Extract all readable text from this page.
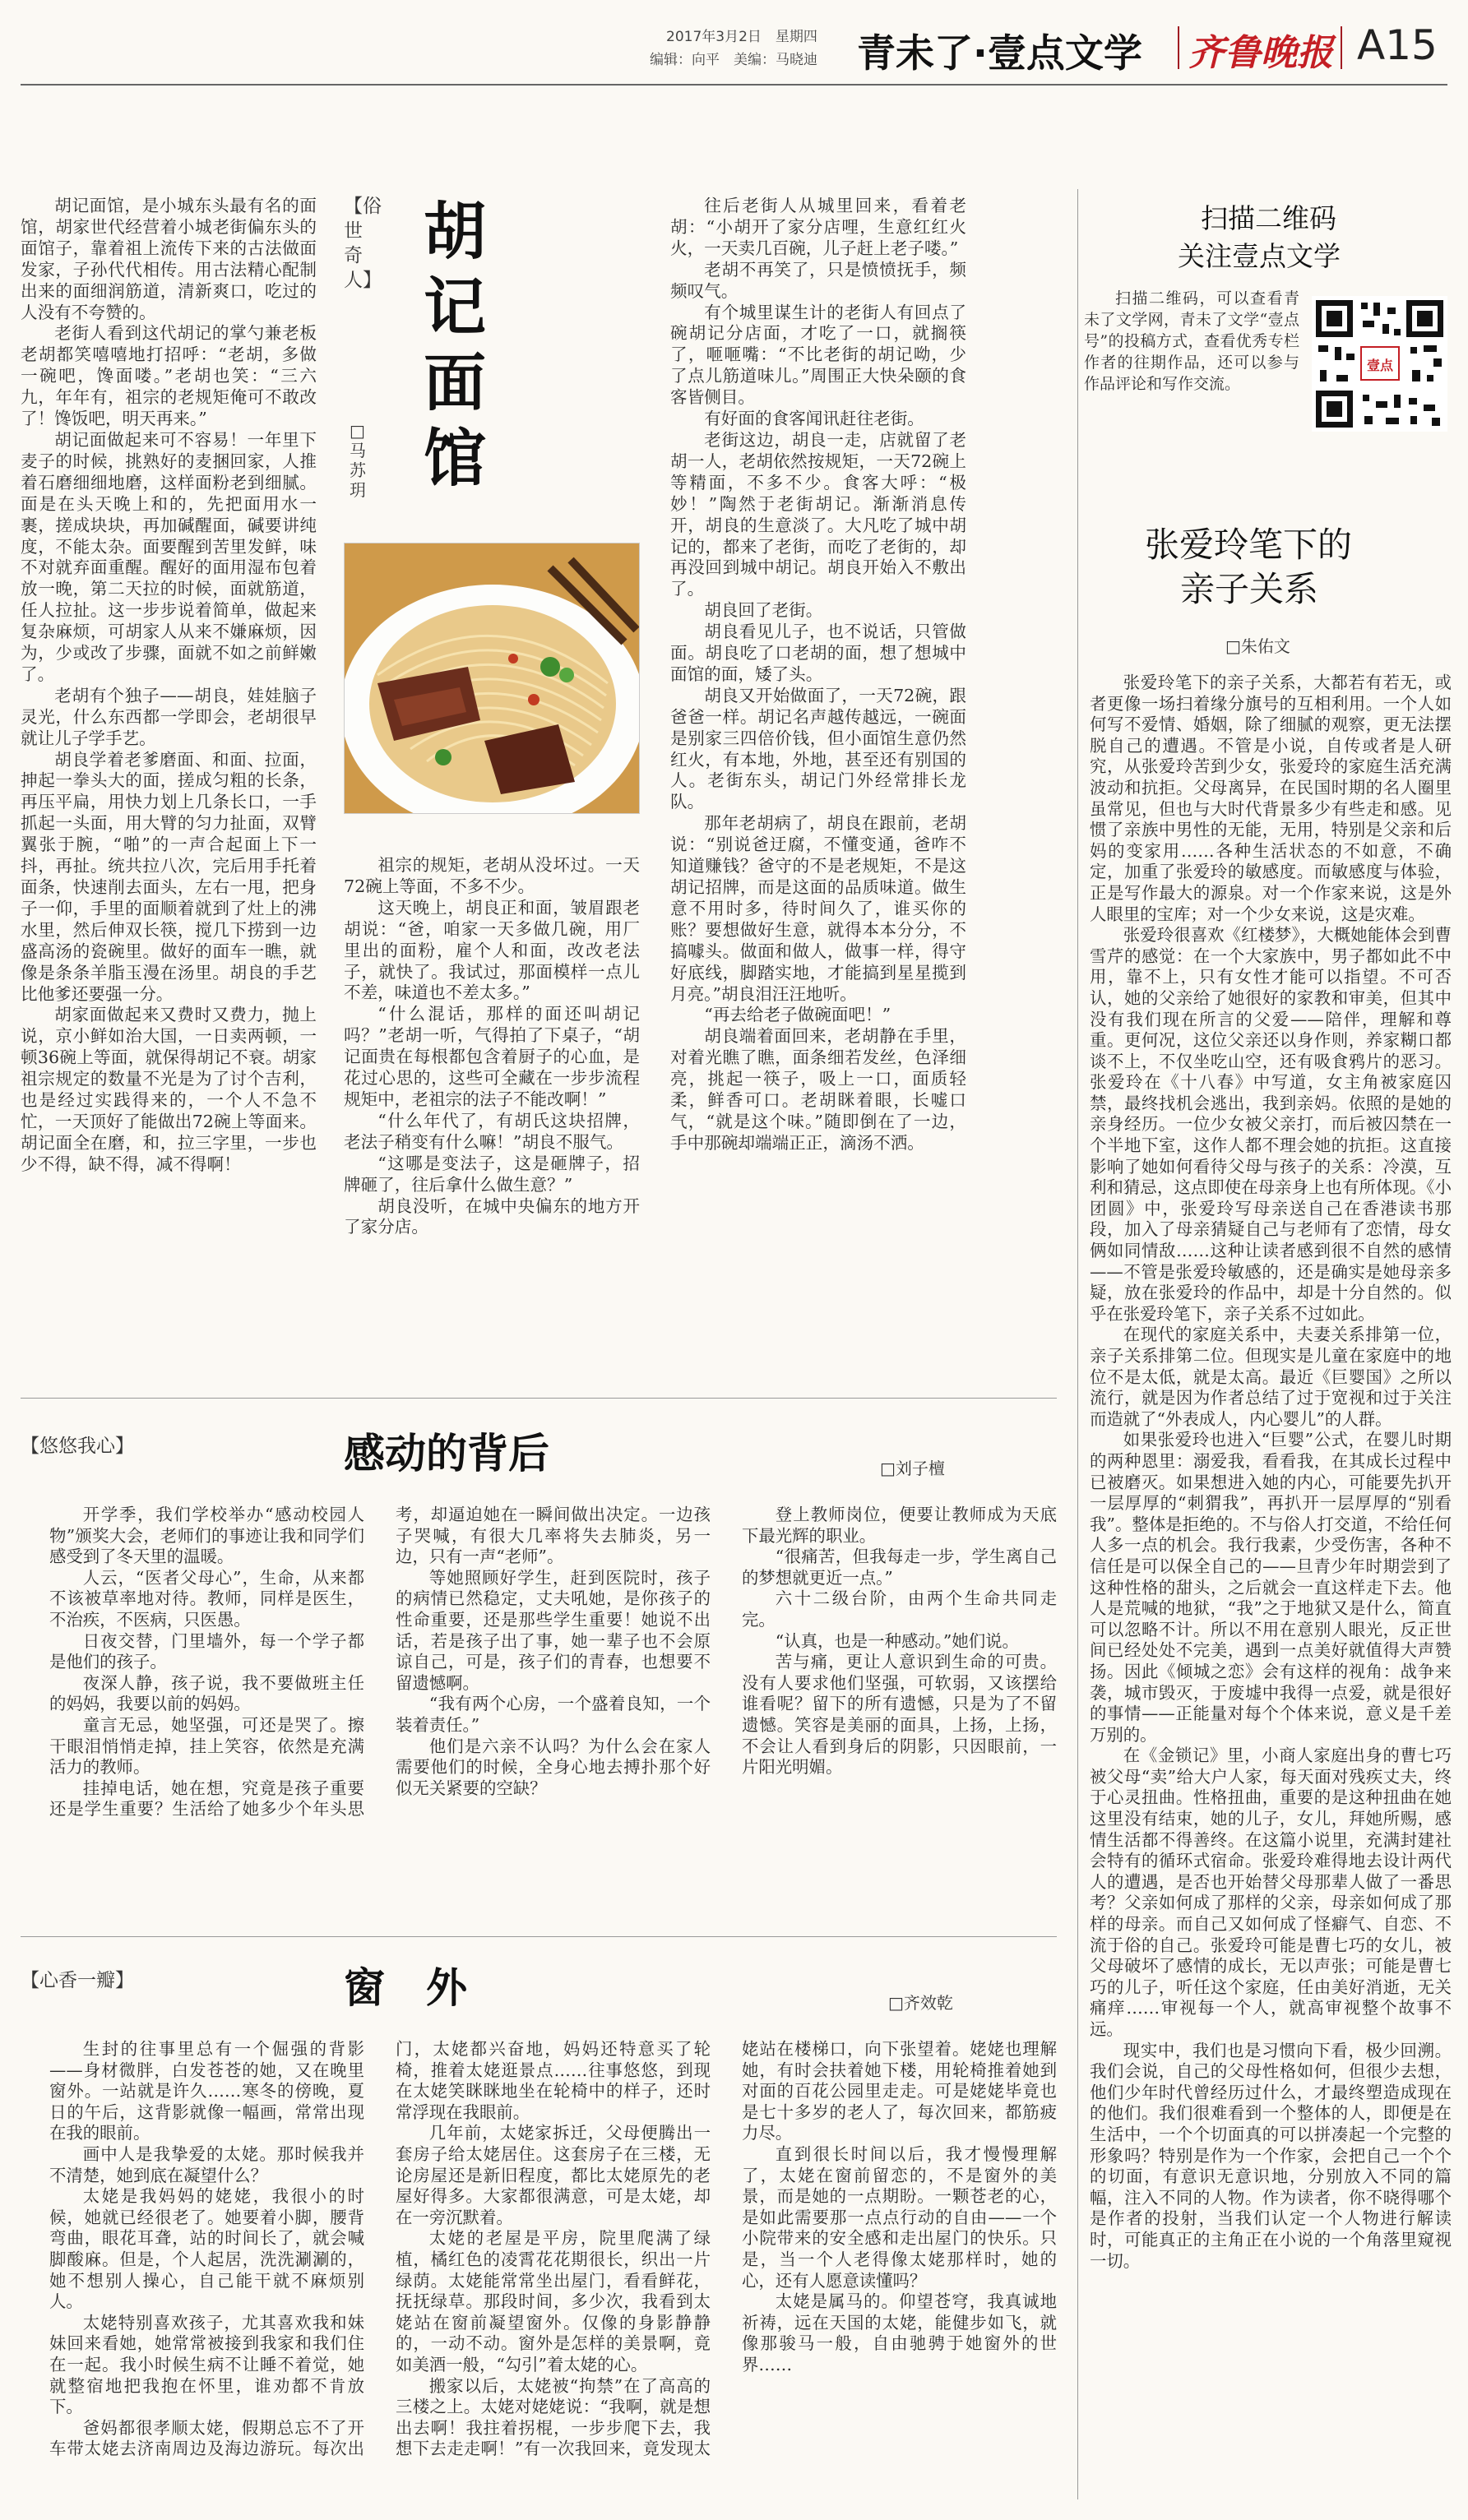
2017年3月2日　星期四
编辑：向平　美编：马晓迪 青未了·壹点文学 齐鲁晚报 A15
【俗世奇人】
胡记面馆
□马苏玥

胡记面馆，是小城东头最有名的面馆，胡家世代经营着小城老街偏东头的面馆子，靠着祖上流传下来的古法做面发家，子孙代代相传。用古法精心配制出来的面细润筋道，清新爽口，吃过的人没有不夸赞的。

老街人看到这代胡记的掌勺兼老板老胡都笑嘻嘻地打招呼：“老胡，多做一碗吧，馋面喽。”老胡也笑：“三六九，年年有，祖宗的老规矩俺可不敢改了！馋饭吧，明天再来。”

胡记面做起来可不容易！一年里下麦子的时候，挑熟好的麦捆回家，人推着石磨细细地磨，这样面粉老到细腻。面是在头天晚上和的，先把面用水一裹，搓成块块，再加碱醒面，碱要讲纯度，不能太杂。面要醒到苦里发鲜，味不对就弃面重醒。醒好的面用湿布包着放一晚，第二天拉的时候，面就筋道，任人拉扯。这一步步说着简单，做起来复杂麻烦，可胡家人从来不嫌麻烦，因为，少或改了步骤，面就不如之前鲜嫩了。

老胡有个独子——胡良，娃娃脑子灵光，什么东西都一学即会，老胡很早就让儿子学手艺。

胡良学着老爹磨面、和面、拉面，抻起一拳头大的面，搓成匀粗的长条，再压平扁，用快力划上几条长口，一手抓起一头面，用大臂的匀力扯面，双臂翼张于腕，“啪”的一声合起面上下一抖，再扯。统共拉八次，完后用手托着面条，快速削去面头，左右一甩，把身子一仰，手里的面顺着就到了灶上的沸水里，然后伸双长筷，搅几下捞到一边盛高汤的瓷碗里。做好的面车一瞧，就像是条条羊脂玉漫在汤里。胡良的手艺比他爹还要强一分。

胡家面做起来又费时又费力，抛上说，京小鲜如治大国，一日卖两顿，一顿36碗上等面，就保得胡记不衰。胡家祖宗规定的数量不光是为了讨个吉利，也是经过实践得来的，一个人不急不忙，一天顶好了能做出72碗上等面来。胡记面全在磨，和，拉三字里，一步也少不得，缺不得，减不得啊！

祖宗的规矩，老胡从没坏过。一天72碗上等面，不多不少。

这天晚上，胡良正和面，皱眉跟老胡说：“爸，咱家一天多做几碗，用厂里出的面粉，雇个人和面，改改老法子，就快了。我试过，那面模样一点儿不差，味道也不差太多。”

“什么混话，那样的面还叫胡记吗？”老胡一听，气得拍了下桌子，“胡记面贵在每根都包含着厨子的心血，是花过心思的，这些可全藏在一步步流程规矩中，老祖宗的法子不能改啊！”

“什么年代了，有胡氏这块招牌，老法子稍变有什么嘛！”胡良不服气。

“这哪是变法子，这是砸牌子，招牌砸了，往后拿什么做生意？”

胡良没听，在城中央偏东的地方开了家分店。

往后老街人从城里回来，看着老胡：“小胡开了家分店哩，生意红红火火，一天卖几百碗，儿子赶上老子喽。”

老胡不再笑了，只是愤愤抚手，频频叹气。

有个城里谋生计的老街人有回点了碗胡记分店面，才吃了一口，就搁筷了，咂咂嘴：“不比老街的胡记呦，少了点儿筋道味儿。”周围正大快朵颐的食客皆侧目。

有好面的食客闻讯赶往老街。

老街这边，胡良一走，店就留了老胡一人，老胡依然按规矩，一天72碗上等精面，不多不少。食客大呼：“极妙！”陶然于老街胡记。渐渐消息传开，胡良的生意淡了。大凡吃了城中胡记的，都来了老街，而吃了老街的，却再没回到城中胡记。胡良开始入不敷出了。

胡良回了老街。

胡良看见儿子，也不说话，只管做面。胡良吃了口老胡的面，想了想城中面馆的面，矮了头。

胡良又开始做面了，一天72碗，跟爸爸一样。胡记名声越传越远，一碗面是别家三四倍价钱，但小面馆生意仍然红火，有本地，外地，甚至还有别国的人。老街东头，胡记门外经常排长龙队。

那年老胡病了，胡良在跟前，老胡说：“别说爸迂腐，不懂变通，爸咋不知道赚钱？爸守的不是老规矩，不是这胡记招牌，而是这面的品质味道。做生意不用时多，待时间久了，谁买你的账？要想做好生意，就得本本分分，不搞噱头。做面和做人，做事一样，得守好底线，脚踏实地，才能搞到星星揽到月亮。”胡良泪汪汪地听。

“再去给老子做碗面吧！”

胡良端着面回来，老胡静在手里，对着光瞧了瞧，面条细若发丝，色泽细亮，挑起一筷子，吸上一口，面质轻柔，鲜香可口。老胡眯着眼，长嘘口气，“就是这个味。”随即倒在了一边，手中那碗却端端正正，滴汤不洒。

扫描二维码
关注壹点文学

扫描二维码，可以查看青未了文学网，青未了文学“壹点号”的投稿方式，查看优秀专栏作者的往期作品，还可以参与作品评论和写作交流。

壹点
张爱玲笔下的
亲子关系
□朱佑文

张爱玲笔下的亲子关系，大都若有若无，或者更像一场扫着缘分旗号的互相利用。一个人如何写不爱情、婚姻，除了细腻的观察，更无法摆脱自己的遭遇。不管是小说，自传或者是人研究，从张爱玲苦到少女，张爱玲的家庭生活充满波动和抗拒。父母离异，在民国时期的名人圈里虽常见，但也与大时代背景多少有些走和感。见惯了亲族中男性的无能，无用，特别是父亲和后妈的变家用……各种生活状态的不如意，不确定，加重了张爱玲的敏感度。而敏感度与体验，正是写作最大的源泉。对一个作家来说，这是外人眼里的宝库；对一个少女来说，这是灾难。

张爱玲很喜欢《红楼梦》，大概她能体会到曹雪芹的感觉：在一个大家族中，男子都如此不中用，靠不上，只有女性才能可以指望。不可否认，她的父亲给了她很好的家教和审美，但其中没有我们现在所言的父爱——陪伴，理解和尊重。更何况，这位父亲还以身作则，养家糊口都谈不上，不仅坐吃山空，还有吸食鸦片的恶习。张爱玲在《十八春》中写道，女主角被家庭囚禁，最终找机会逃出，我到亲妈。依照的是她的亲身经历。一位少女被父亲打，而后被囚禁在一个半地下室，这作人都不理会她的抗拒。这直接影响了她如何看待父母与孩子的关系：冷漠，互利和猜忌，这点即使在母亲身上也有所体现。《小团圆》中，张爱玲写母亲送自己在香港读书那段，加入了母亲猜疑自己与老师有了恋情，母女俩如同情敌……这种让读者感到很不自然的感情——不管是张爱玲敏感的，还是确实是她母亲多疑，放在张爱玲的作品中，却是十分自然的。似乎在张爱玲笔下，亲子关系不过如此。

在现代的家庭关系中，夫妻关系排第一位，亲子关系排第二位。但现实是儿童在家庭中的地位不是太低，就是太高。最近《巨婴国》之所以流行，就是因为作者总结了过于宽视和过于关注而造就了“外表成人，内心婴儿”的人群。

如果张爱玲也进入“巨婴”公式，在婴儿时期的两种恩里：溺爱我，看看我，在其成长过程中已被磨灭。如果想进入她的内心，可能要先扒开一层厚厚的“刺猬我”，再扒开一层厚厚的“别看我”。整体是拒绝的。不与俗人打交道，不给任何人多一点的机会。我行我素，少受伤害，各种不信任是可以保全自己的——旦青少年时期尝到了这种性格的甜头，之后就会一直这样走下去。他人是荒喊的地狱，“我”之于地狱又是什么，简直可以忽略不计。所以不用在意别人眼光，反正世间已经处处不完美，遇到一点美好就值得大声赞扬。因此《倾城之恋》会有这样的视角：战争来袭，城市毁灭，于废墟中我得一点爱，就是很好的事情——正能量对每个个体来说，意义是千差万别的。

在《金锁记》里，小商人家庭出身的曹七巧被父母“卖”给大户人家，每天面对残疾丈夫，终于心灵扭曲。性格扭曲，重要的是这种扭曲在她这里没有结束，她的儿子，女儿，拜她所赐，感情生活都不得善终。在这篇小说里，充满封建社会特有的循环式宿命。张爱玲难得地去设计两代人的遭遇，是否也开始替父母那辈人做了一番思考？父亲如何成了那样的父亲，母亲如何成了那样的母亲。而自己又如何成了怪癖气、自恋、不流于俗的自己。张爱玲可能是曹七巧的女儿，被父母破坏了感情的成长，无以声张；可能是曹七巧的儿子，听任这个家庭，任由美好消逝，无关痛痒……审视每一个人，就高审视整个故事不远。

现实中，我们也是习惯向下看，极少回溯。我们会说，自己的父母性格如何，但很少去想，他们少年时代曾经历过什么，才最终塑造成现在的他们。我们很难看到一个整体的人，即便是在生活中，一个个切面真的可以拼凑起一个完整的形象吗？特别是作为一个作家，会把自己一个个的切面，有意识无意识地，分别放入不同的篇幅，注入不同的人物。作为读者，你不晓得哪个是作者的投射，当我们认定一个人物进行解读时，可能真正的主角正在小说的一个角落里窥视一切。

【悠悠我心】	感动的背后	□刘子檀

开学季，我们学校举办“感动校园人物”颁奖大会，老师们的事迹让我和同学们感受到了冬天里的温暖。

人云，“医者父母心”，生命，从来都不该被草率地对待。教师，同样是医生，不治疾，不医病，只医愚。

日夜交替，门里墙外，每一个学子都是他们的孩子。

夜深人静，孩子说，我不要做班主任的妈妈，我要以前的妈妈。

童言无忌，她坚强，可还是哭了。擦干眼泪悄悄走掉，挂上笑容，依然是充满活力的教师。

挂掉电话，她在想，究竟是孩子重要还是学生重要？生活给了她多少个年头思考，却逼迫她在一瞬间做出决定。一边孩子哭喊，有很大几率将失去肺炎，另一边，只有一声“老师”。

等她照顾好学生，赶到医院时，孩子的病情已然稳定，丈夫吼她，是你孩子的性命重要，还是那些学生重要！她说不出话，若是孩子出了事，她一辈子也不会原谅自己，可是，孩子们的青春，也想要不留遗憾啊。

“我有两个心房，一个盛着良知，一个装着责任。”

他们是六亲不认吗？为什么会在家人需要他们的时候，全身心地去搏扑那个好似无关紧要的空缺？

登上教师岗位，便要让教师成为天底下最光辉的职业。

“很痛苦，但我每走一步，学生离自己的梦想就更近一点。”

六十二级台阶，由两个生命共同走完。

“认真，也是一种感动。”她们说。

苦与痛，更让人意识到生命的可贵。没有人要求他们坚强，可软弱，又该摆给谁看呢？留下的所有遗憾，只是为了不留遗憾。笑容是美丽的面具，上扬，上扬，不会让人看到身后的阴影，只因眼前，一片阳光明媚。

【心香一瓣】	窗　外	□齐效乾

生封的往事里总有一个倔强的背影——身材微胖，白发苍苍的她，又在晚里窗外。一站就是许久……寒冬的傍晚，夏日的午后，这背影就像一幅画，常常出现在我的眼前。

画中人是我挚爱的太姥。那时候我并不清楚，她到底在凝望什么？

太姥是我妈妈的姥姥，我很小的时候，她就已经很老了。她要着小脚，腰背弯曲，眼花耳聋，站的时间长了，就会喊脚酸麻。但是，个人起居，洗洗涮涮的，她不想别人操心，自己能干就不麻烦别人。

太姥特别喜欢孩子，尤其喜欢我和妹妹回来看她，她常常被接到我家和我们住在一起。我小时候生病不让睡不着觉，她就整宿地把我抱在怀里，谁劝都不肯放下。

爸妈都很孝顺太姥，假期总忘不了开车带太姥去济南周边及海边游玩。每次出门，太姥都兴奋地，妈妈还特意买了轮椅，推着太姥逛景点……往事悠悠，到现在太姥笑眯眯地坐在轮椅中的样子，还时常浮现在我眼前。

几年前，太姥家拆迁，父母便腾出一套房子给太姥居住。这套房子在三楼，无论房屋还是新旧程度，都比太姥原先的老屋好得多。大家都很满意，可是太姥，却在一旁沉默着。

太姥的老屋是平房，院里爬满了绿植，橘红色的凌霄花花期很长，织出一片绿荫。太姥能常常坐出屋门，看看鲜花，抚抚绿草。那段时间，多少次，我看到太姥站在窗前凝望窗外。仅像的身影静静的，一动不动。窗外是怎样的美景啊，竟如美酒一般，“勾引”着太姥的心。

搬家以后，太姥被“拘禁”在了高高的三楼之上。太姥对姥姥说：“我啊，就是想出去啊！我拄着拐棍，一步步爬下去，我想下去走走啊！”有一次我回来，竟发现太姥站在楼梯口，向下张望着。姥姥也理解她，有时会扶着她下楼，用轮椅推着她到对面的百花公园里走走。可是姥姥毕竟也是七十多岁的老人了，每次回来，都筋疲力尽。

直到很长时间以后，我才慢慢理解了，太姥在窗前留恋的，不是窗外的美景，而是她的一点期盼。一颗苍老的心，是如此需要那一点点行动的自由——一个小院带来的安全感和走出屋门的快乐。只是，当一个人老得像太姥那样时，她的心，还有人愿意读懂吗？

太姥是属马的。仰望苍穹，我真诚地祈祷，远在天国的太姥，能健步如飞，就像那骏马一般，自由驰骋于她窗外的世界……
